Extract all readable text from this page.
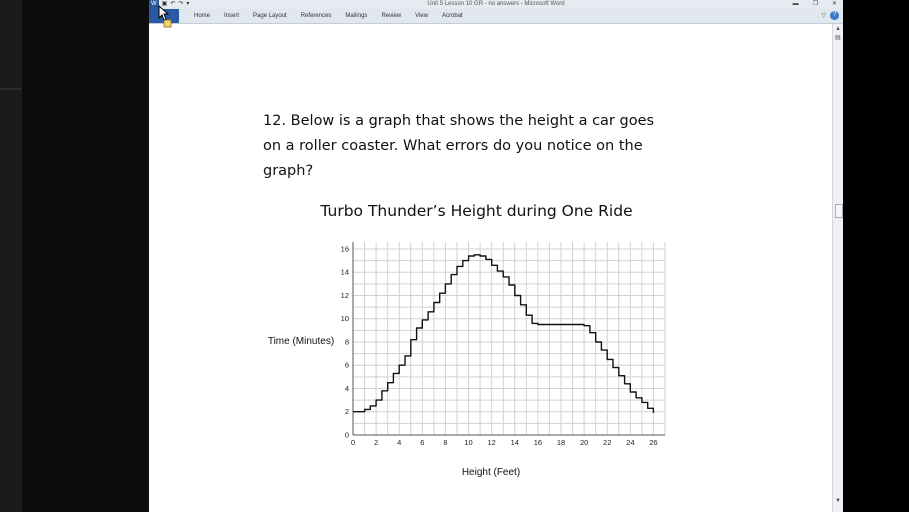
Unit 5 Lesson 10 GR - no answers - Microsoft Word
W ▣ ↶ ↷ ▾	▬ ❐ ✕
Home	Insert	Page Layout	References	Mailings	Review	View	Acrobat	▽	?
12. Below is a graph that shows the height a car goes
on a roller coaster. What errors do you notice on the
graph?
Turbo Thunder’s Height during One Ride
0	2	4	6	8 10 12 14 16 18 20 22 24 26
0
2
4
6
8
10
12
14
16
Height (Feet)
Time (Minutes)
▲
▤
▼
